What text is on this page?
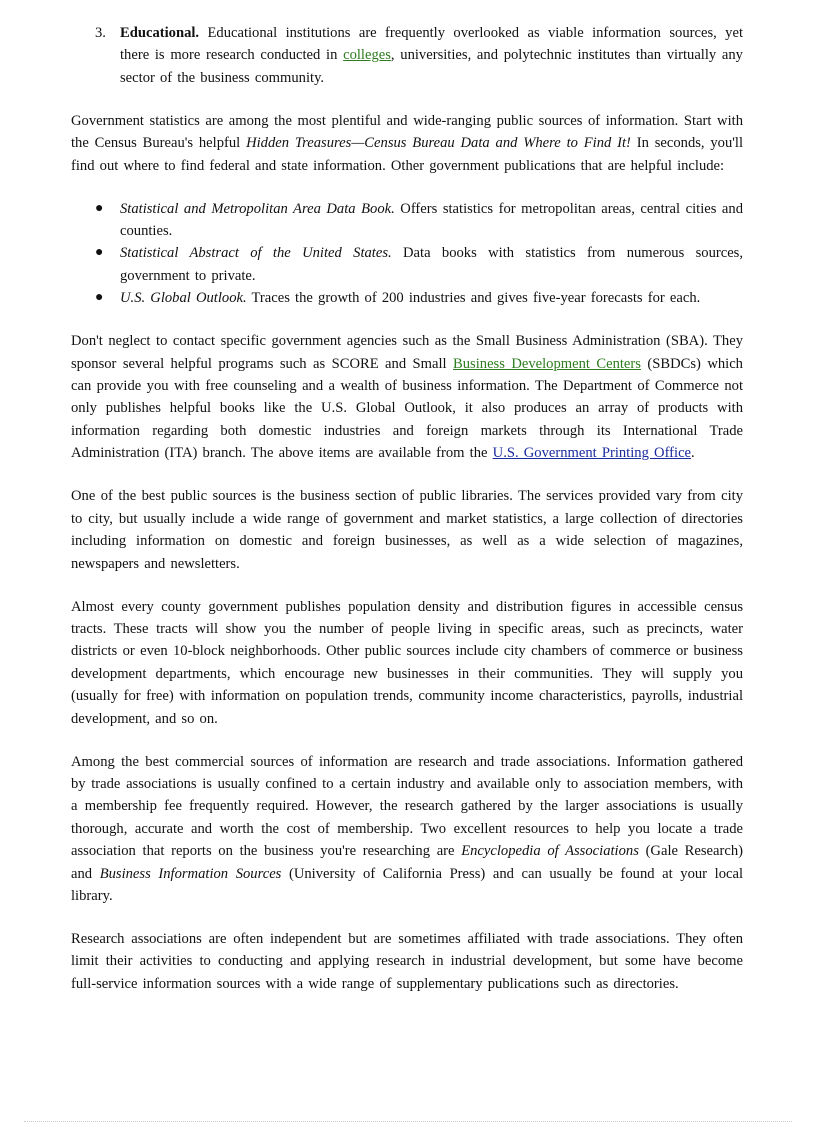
3. Educational. Educational institutions are frequently overlooked as viable information sources, yet there is more research conducted in colleges, universities, and polytechnic institutes than virtually any sector of the business community.

Government statistics are among the most plentiful and wide-ranging public sources of information. Start with the Census Bureau's helpful Hidden Treasures—Census Bureau Data and Where to Find It! In seconds, you'll find out where to find federal and state information. Other government publications that are helpful include:

● Statistical and Metropolitan Area Data Book. Offers statistics for metropolitan areas, central cities and counties.
● Statistical Abstract of the United States. Data books with statistics from numerous sources, government to private.
● U.S. Global Outlook. Traces the growth of 200 industries and gives five-year forecasts for each.

Don't neglect to contact specific government agencies such as the Small Business Administration (SBA). They sponsor several helpful programs such as SCORE and Small Business Development Centers (SBDCs) which can provide you with free counseling and a wealth of business information. The Department of Commerce not only publishes helpful books like the U.S. Global Outlook, it also produces an array of products with information regarding both domestic industries and foreign markets through its International Trade Administration (ITA) branch. The above items are available from the U.S. Government Printing Office.

One of the best public sources is the business section of public libraries. The services provided vary from city to city, but usually include a wide range of government and market statistics, a large collection of directories including information on domestic and foreign businesses, as well as a wide selection of magazines, newspapers and newsletters.

Almost every county government publishes population density and distribution figures in accessible census tracts. These tracts will show you the number of people living in specific areas, such as precincts, water districts or even 10-block neighborhoods. Other public sources include city chambers of commerce or business development departments, which encourage new businesses in their communities. They will supply you (usually for free) with information on population trends, community income characteristics, payrolls, industrial development, and so on.

Among the best commercial sources of information are research and trade associations. Information gathered by trade associations is usually confined to a certain industry and available only to association members, with a membership fee frequently required. However, the research gathered by the larger associations is usually thorough, accurate and worth the cost of membership. Two excellent resources to help you locate a trade association that reports on the business you're researching are Encyclopedia of Associations (Gale Research) and Business Information Sources (University of California Press) and can usually be found at your local library.

Research associations are often independent but are sometimes affiliated with trade associations. They often limit their activities to conducting and applying research in industrial development, but some have become full-service information sources with a wide range of supplementary publications such as directories.
